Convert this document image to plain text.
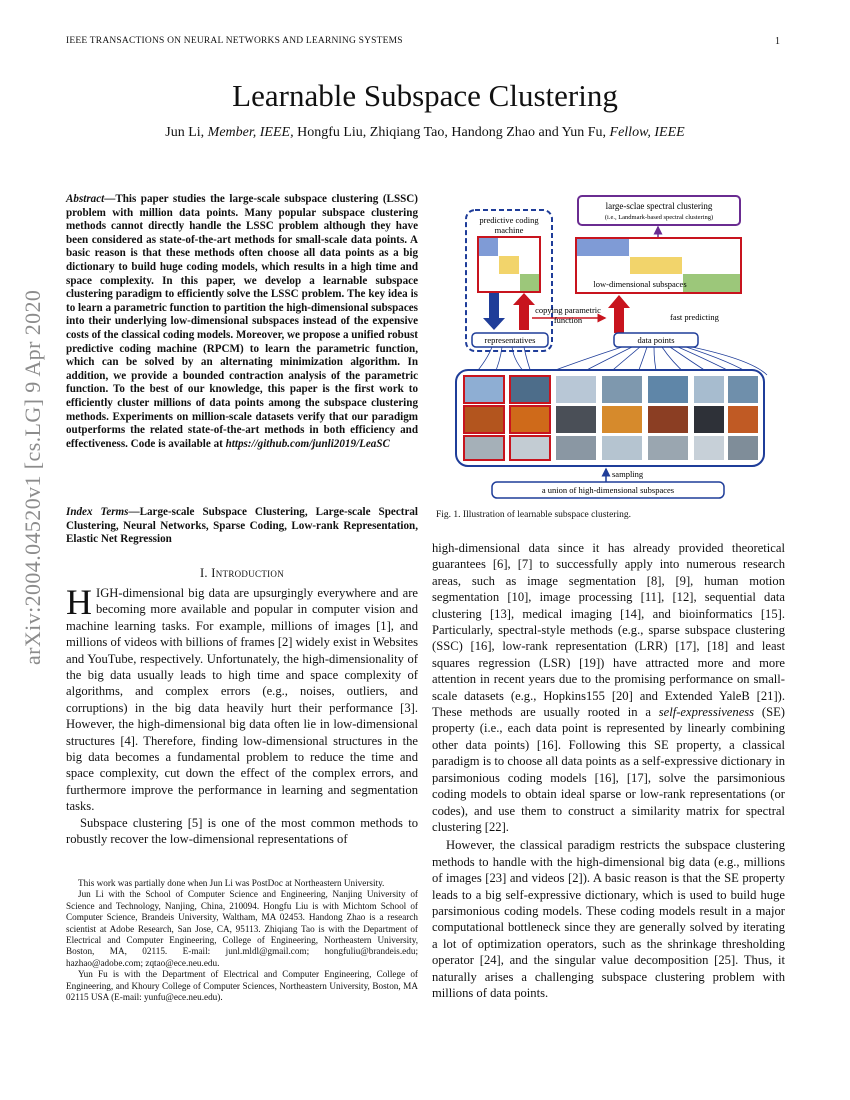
IEEE TRANSACTIONS ON NEURAL NETWORKS AND LEARNING SYSTEMS	1
Learnable Subspace Clustering
Jun Li, Member, IEEE, Hongfu Liu, Zhiqiang Tao, Handong Zhao and Yun Fu, Fellow, IEEE
arXiv:2004.04520v1 [cs.LG] 9 Apr 2020
Abstract—This paper studies the large-scale subspace clustering (LSSC) problem with million data points. Many popular subspace clustering methods cannot directly handle the LSSC problem although they have been considered as state-of-the-art methods for small-scale data points. A basic reason is that these methods often choose all data points as a big dictionary to build huge coding models, which results in a high time and space complexity. In this paper, we develop a learnable subspace clustering paradigm to efficiently solve the LSSC problem. The key idea is to learn a parametric function to partition the high-dimensional subspaces into their underlying low-dimensional subspaces instead of the expensive costs of the classical coding models. Moreover, we propose a unified robust predictive coding machine (RPCM) to learn the parametric function, which can be solved by an alternating minimization algorithm. In addition, we provide a bounded contraction analysis of the parametric function. To the best of our knowledge, this paper is the first work to efficiently cluster millions of data points among the subspace clustering methods. Experiments on million-scale datasets verify that our paradigm outperforms the related state-of-the-art methods in both efficiency and effectiveness. Code is available at https://github.com/junli2019/LeaSC
Index Terms—Large-scale Subspace Clustering, Large-scale Spectral Clustering, Neural Networks, Sparse Coding, Low-rank Representation, Elastic Net Regression
I. Introduction

HIGH-dimensional big data are upsurgingly everywhere and are becoming more available and popular in computer vision and machine learning tasks. For example, millions of images [1], and millions of videos with billions of frames [2] widely exist in Websites and YouTube, respectively. Unfortunately, the high-dimensionality of the big data usually leads to high time and space complexity of algorithms, and complex errors (e.g., noises, outliers, and corruptions) in the big data heavily hurt their performance [3]. However, the high-dimensional big data often lie in low-dimensional structures [4]. Therefore, finding low-dimensional structures in the big data becomes a fundamental problem to reduce the time and space complexity, cut down the effect of the complex errors, and furthermore improve the performance in learning and segmentation tasks.

Subspace clustering [5] is one of the most common methods to robustly recover the low-dimensional representations of

This work was partially done when Jun Li was PostDoc at Northeastern University.

Jun Li with the School of Computer Science and Engineering, Nanjing University of Science and Technology, Nanjing, China, 210094. Hongfu Liu is with Michtom School of Computer Science, Brandeis University, Waltham, MA 02453. Handong Zhao is a research scientist at Adobe Research, San Jose, CA, 95113. Zhiqiang Tao is with the Department of Electrical and Computer Engineering, College of Engineering, Northeastern University, Boston, MA, 02115. E-mail: junl.mldl@gmail.com; hongfuliu@brandeis.edu; hazhao@adobe.com; zqtao@ece.neu.edu.

Yun Fu is with the Department of Electrical and Computer Engineering, College of Engineering, and Khoury College of Computer Sciences, Northeastern University, Boston, MA 02115 USA (E-mail: yunfu@ece.neu.edu).

large-sclae spectral clustering
(i.e., Landmark-based spectral clustering)
predictive coding
machine
representatives
low-dimensional subspaces
copying parametric
function	fast predicting
data points
sampling
a union of high-dimensional subspaces
Fig. 1. Illustration of learnable subspace clustering.

high-dimensional data since it has already provided theoretical guarantees [6], [7] to successfully apply into numerous research areas, such as image segmentation [8], [9], human motion segmentation [10], image processing [11], [12], sequential data clustering [13], medical imaging [14], and bioinformatics [15]. Particularly, spectral-style methods (e.g., sparse subspace clustering (SSC) [16], low-rank representation (LRR) [17], [18] and least squares regression (LSR) [19]) have attracted more and more attention in recent years due to the promising performance on small-scale datasets (e.g., Hopkins155 [20] and Extended YaleB [21]). These methods are usually rooted in a self-expressiveness (SE) property (i.e., each data point is represented by linearly combining other data points) [16]. Following this SE property, a classical paradigm is to choose all data points as a self-expressive dictionary in parsimonious coding models [16], [17], solve the parsimonious coding models to obtain ideal sparse or low-rank representations (or codes), and use them to construct a similarity matrix for spectral clustering [22].

However, the classical paradigm restricts the subspace clustering methods to handle with the high-dimensional big data (e.g., millions of images [23] and videos [2]). A basic reason is that the SE property leads to a big self-expressive dictionary, which is used to build huge parsimonious coding models. These coding models result in a major computational bottleneck since they are generally solved by iterating a lot of optimization operators, such as the shrinkage thresholding operator [24], and the singular value decomposition [25]. Thus, it naturally arises a challenging subspace clustering problem with millions of data points.
